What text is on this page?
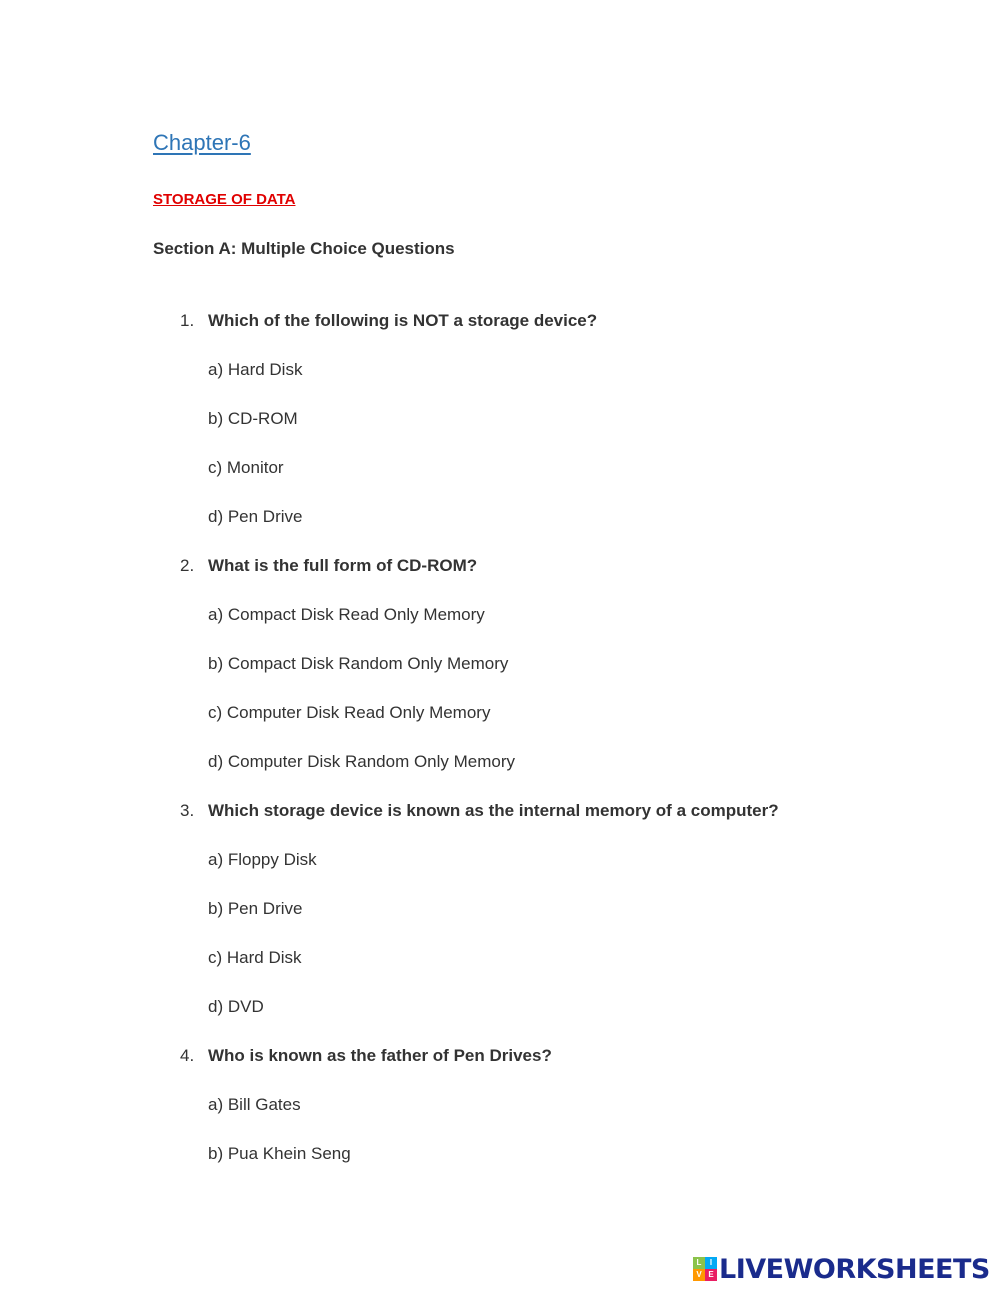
Chapter-6
STORAGE OF DATA
Section A: Multiple Choice Questions
1. Which of the following is NOT a storage device?
a) Hard Disk
b) CD-ROM
c) Monitor
d) Pen Drive
2. What is the full form of CD-ROM?
a) Compact Disk Read Only Memory
b) Compact Disk Random Only Memory
c) Computer Disk Read Only Memory
d) Computer Disk Random Only Memory
3. Which storage device is known as the internal memory of a computer?
a) Floppy Disk
b) Pen Drive
c) Hard Disk
d) DVD
4. Who is known as the father of Pen Drives?
a) Bill Gates
b) Pua Khein Seng
L	I
V E LIVEWORKSHEETS
